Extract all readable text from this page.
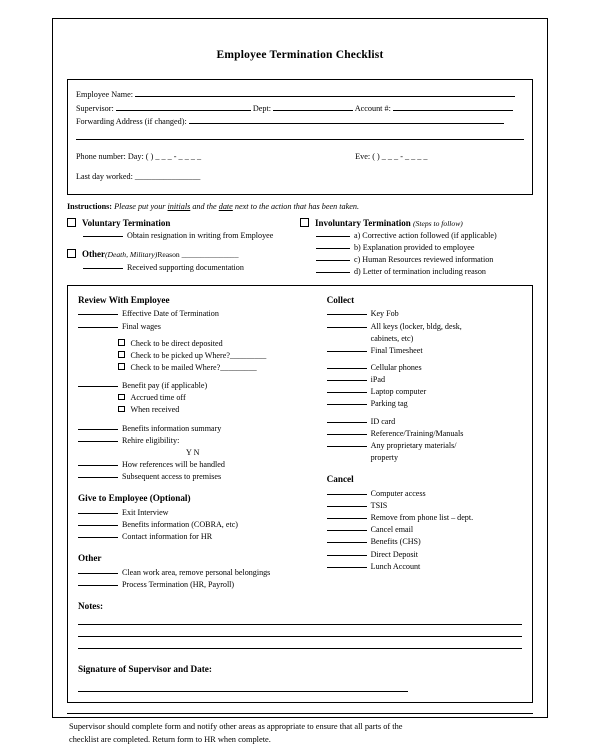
Employee Termination Checklist
Employee Name:
Supervisor:	Dept:	Account #:
Forwarding Address (if changed):
Phone number: Day: ( ) _ _ _ - _ _ _ _	Eve: ( ) _ _ _ - _ _ _ _
Last day worked: ________________
Instructions: Please put your initials and the date next to the action that has been taken.
Voluntary Termination
Obtain resignation in writing from Employee
Other(Death, Military)Reason _______________
Received supporting documentation
Involuntary Termination (Steps to follow)
a) Corrective action followed (if applicable)
b) Explanation provided to employee
c) Human Resources reviewed information
d) Letter of termination including reason
Review With Employee
Effective Date of Termination
Final wages
Check to be direct deposited
Check to be picked up Where?_________
Check to be mailed Where?_________
Benefit pay (if applicable)
Accrued time off
When received
Benefits information summary
Rehire eligibility:
Y N
How references will be handled
Subsequent access to premises
Give to Employee (Optional)
Exit Interview
Benefits information (COBRA, etc)
Contact information for HR
Other
Clean work area, remove personal belongings
Process Termination (HR, Payroll)
Collect
Key Fob
All keys (locker, bldg, desk,
cabinets, etc)
Final Timesheet
Cellular phones
iPad
Laptop computer
Parking tag
ID card
Reference/Training/Manuals
Any proprietary materials/
property
Cancel
Computer access
TSIS
Remove from phone list – dept.
Cancel email
Benefits (CHS)
Direct Deposit
Lunch Account
Notes:
Signature of Supervisor and Date:
Supervisor should complete form and notify other areas as appropriate to ensure that all parts of the
checklist are completed. Return form to HR when complete.
